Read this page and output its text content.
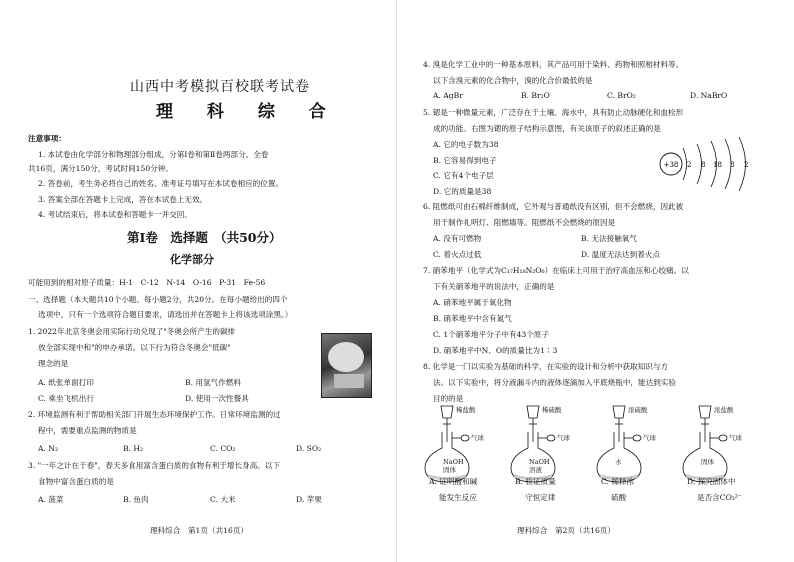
山西中考模拟百校联考试卷
理 科 综 合
注意事项：
1. 本试卷由化学部分和物理部分组成，分第Ⅰ卷和第Ⅱ卷两部分。全卷
共16页，满分150分，考试时间150分钟。
2. 答卷前，考生务必将自己的姓名、准考证号填写在本试卷相应的位置。
3. 答案全部在答题卡上完成，答在本试卷上无效。
4. 考试结束后，将本试卷和答题卡一并交回。
第Ⅰ卷　选择题　（共50分）
化学部分
可能用到的相对原子质量：H-1　C-12　N-14　O-16　P-31　Fe-56
一、选择题（本大题共10个小题。每小题2分，共20分。在每小题给出的四个
选项中，只有一个选项符合题目要求，请选出并在答题卡上将该选项涂黑。）
1. 2022年北京冬奥会用实际行动兑现了"冬奥会所产生的碳排
放全部实现中和"的申办承诺。以下行为符合冬奥会"低碳"
理念的是
A. 纸张单面打印	B. 用氢气作燃料
C. 乘坐飞机出行	D. 使用一次性餐具
2. 环境监测有利于帮助相关部门开展生态环境保护工作。日常环境监测的过
程中，需要重点监测的物质是
A. N₂	B. H₂	C. CO₂	D. SO₂
3. "一年之计在于春"，春天多食用富含蛋白质的食物有利于增长身高。以下
食物中富含蛋白质的是
A. 菠菜	B. 鱼肉	C. 大米	D. 苹果
理科综合　第1页（共16页）
4. 溴是化学工业中的一种基本原料，其产品可用于染料、药物和照相材料等。
以下含溴元素的化合物中，溴的化合价最低的是
A. AgBr	B. Br₂O	C. BrO₂	D. NaBrO
5. 锶是一种微量元素，广泛存在于土壤、海水中，具有防止动脉硬化和血栓形
成的功能。右图为锶的原子结构示意图，有关该原子的叙述正确的是
A. 它的电子数为38
B. 它容易得到电子
C. 它有4个电子层
D. 它的质量是38
+38 2 8 18 8 2
6. 阻燃纸可由石棉纤维制成，它外观与普通纸没有区别，但不会燃烧，因此被
用于制作礼明灯、阻燃墙等。阻燃纸不会燃烧的原因是
A. 没有可燃物	B. 无法接触氧气
C. 着火点过低	D. 温度无法达到着火点
7. 硝苯地平（化学式为C₁₇H₁₈N₂O₆）在临床上可用于治疗高血压和心绞痛。以
下有关硝苯地平的说法中，正确的是
A. 硝苯地平属于氧化物
B. 硝苯地平中含有氮气
C. 1个硝苯地平分子中有43个原子
D. 硝苯地平中N、O的质量比为1∶3
8. 化学是一门以实验为基础的科学，在实验的设计和分析中获取知识与方
法。以下实验中，将分液漏斗内的液体逐滴加入平底烧瓶中，能达到实验
目的的是
稀盐酸
气球
NaOH
固体
稀硫酸
气球
NaOH
溶液
浓硫酸
气球
水
浓盐酸
气球
固体
A. 证明酸和碱
能发生反应
B. 验证质量
守恒定律
C. 稀释浓
硫酸
D. 探究固体中
是否含CO₃²⁻
理科综合　第2页（共16页）
